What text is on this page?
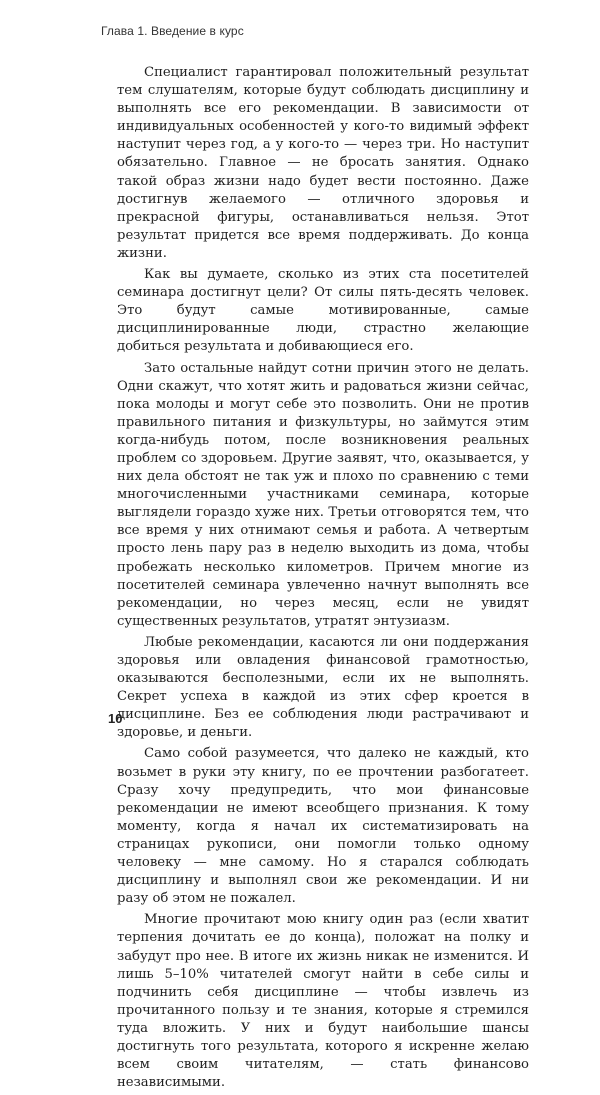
Глава 1. Введение в курс

Специалист гарантировал положительный результат тем слушателям, которые будут соблюдать дисциплину и выполнять все его рекомендации. В зависимости от индивидуальных особенностей у кого-то видимый эффект наступит через год, а у кого-то — через три. Но наступит обязательно. Главное — не бросать занятия. Однако такой образ жизни надо будет вести постоянно. Даже достигнув желаемого — отличного здоровья и прекрасной фигуры, останавливаться нельзя. Этот результат придется все время поддерживать. До конца жизни.

Как вы думаете, сколько из этих ста посетителей семинара достигнут цели? От силы пять-десять человек. Это будут самые мотивированные, самые дисциплинированные люди, страстно желающие добиться результата и добивающиеся его.

Зато остальные найдут сотни причин этого не делать. Одни скажут, что хотят жить и радоваться жизни сейчас, пока молоды и могут себе это позволить. Они не против правильного питания и физкультуры, но займутся этим когда-нибудь потом, после возникновения реальных проблем со здоровьем. Другие заявят, что, оказывается, у них дела обстоят не так уж и плохо по сравнению с теми многочисленными участниками семинара, которые выглядели гораздо хуже них. Третьи отговорятся тем, что все время у них отнимают семья и работа. А четвертым просто лень пару раз в неделю выходить из дома, чтобы пробежать несколько километров. Причем многие из посетителей семинара увлеченно начнут выполнять все рекомендации, но через месяц, если не увидят существенных результатов, утратят энтузиазм.

Любые рекомендации, касаются ли они поддержания здоровья или овладения финансовой грамотностью, оказываются бесполезными, если их не выполнять. Секрет успеха в каждой из этих сфер кроется в дисциплине. Без ее соблюдения люди растрачивают и здоровье, и деньги.

Само собой разумеется, что далеко не каждый, кто возьмет в руки эту книгу, по ее прочтении разбогатеет. Сразу хочу предупредить, что мои финансовые рекомендации не имеют всеобщего признания. К тому моменту, когда я начал их систематизировать на страницах рукописи, они помогли только одному человеку — мне самому. Но я старался соблюдать дисциплину и выполнял свои же рекомендации. И ни разу об этом не пожалел.

Многие прочитают мою книгу один раз (если хватит терпения дочитать ее до конца), положат на полку и забудут про нее. В итоге их жизнь никак не изменится. И лишь 5–10% читателей смогут найти в себе силы и подчинить себя дисциплине — чтобы извлечь из прочитанного пользу и те знания, которые я стремился туда вложить. У них и будут наибольшие шансы достигнуть того результата, которого я искренне желаю всем своим читателям, — стать финансово независимыми.

10
